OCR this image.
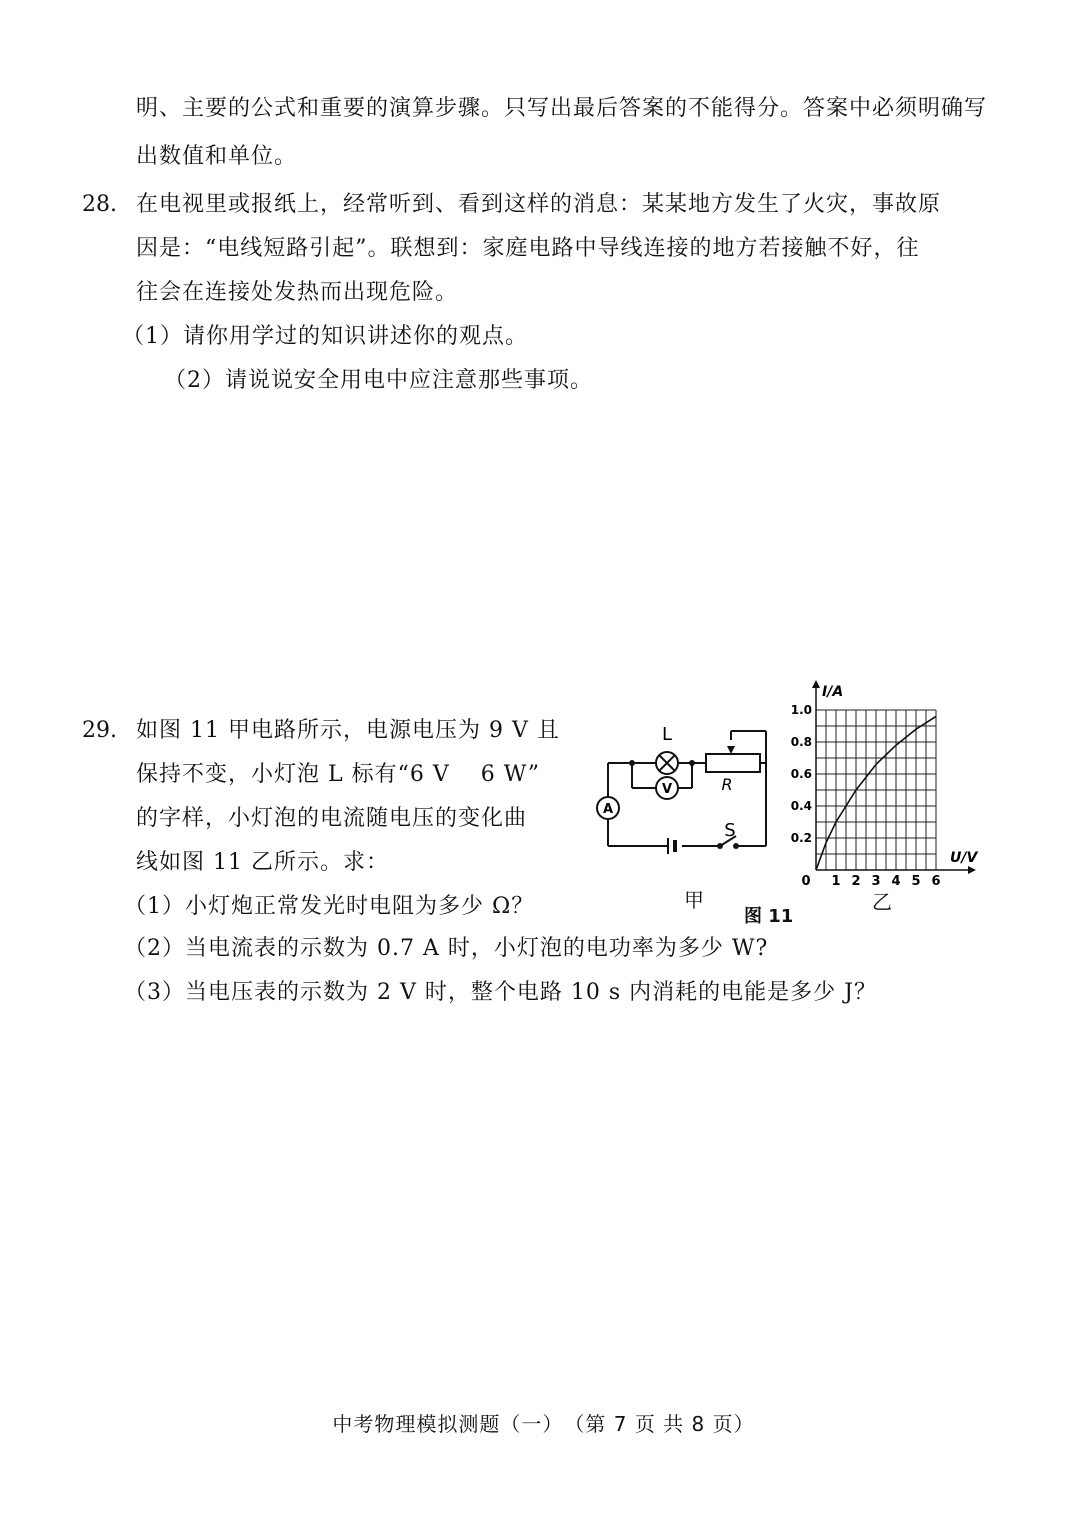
明、主要的公式和重要的演算步骤。只写出最后答案的不能得分。答案中必须明确写
出数值和单位。
28. 在电视里或报纸上，经常听到、看到这样的消息：某某地方发生了火灾，事故原
因是：“电线短路引起”。联想到：家庭电路中导线连接的地方若接触不好，往
往会在连接处发热而出现危险。
（1）请你用学过的知识讲述你的观点。
（2）请说说安全用电中应注意那些事项。
29. 如图 11 甲电路所示，电源电压为 9 V 且
保持不变，小灯泡 L 标有“6 V　 6 W”
的字样，小灯泡的电流随电压的变化曲
线如图 11 乙所示。求：
（1）小灯炮正常发光时电阻为多少 Ω？
（2）当电流表的示数为 0.7 A 时，小灯泡的电功率为多少 W?
（3）当电压表的示数为 2 V 时，整个电路 10 s 内消耗的电能是多少 J？
L
V
A
R
S
甲
图 11
0 1 2 3 4 5 6
0.2
0.4
0.6
0.8
1.0
I/A
U/V
乙
中考物理模拟测题（一）　（第 7 页 共 8 页）
